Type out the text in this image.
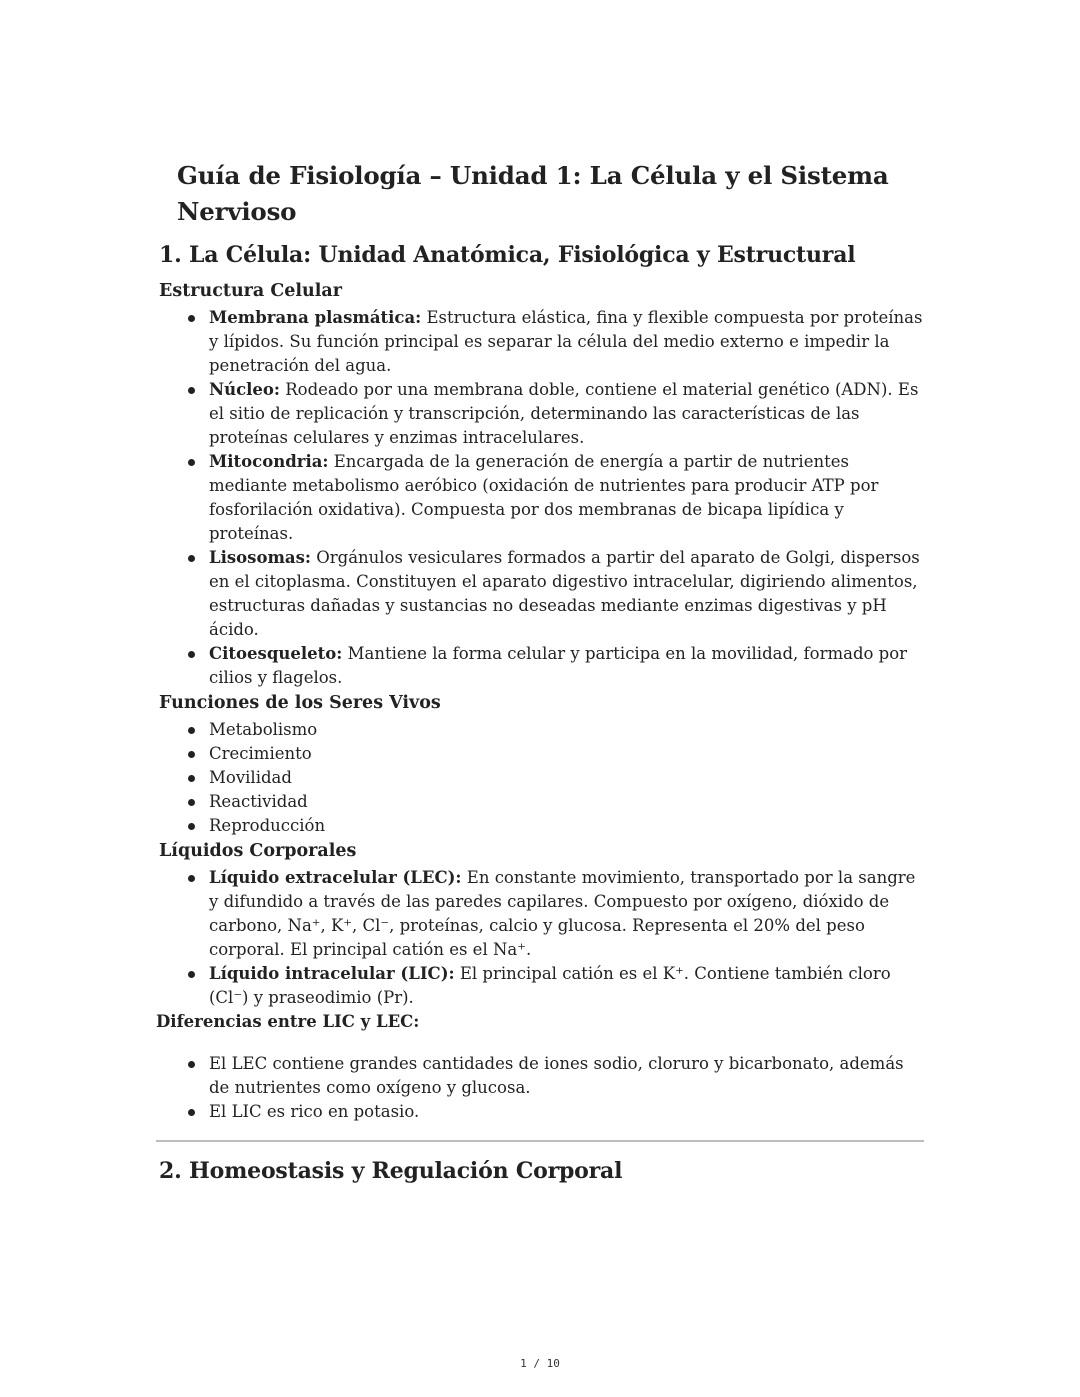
Guía de Fisiología – Unidad 1: La Célula y el Sistema Nervioso
1. La Célula: Unidad Anatómica, Fisiológica y Estructural
Estructura Celular
Membrana plasmática: Estructura elástica, fina y flexible compuesta por proteínas y lípidos. Su función principal es separar la célula del medio externo e impedir la penetración del agua.
Núcleo: Rodeado por una membrana doble, contiene el material genético (ADN). Es el sitio de replicación y transcripción, determinando las características de las proteínas celulares y enzimas intracelulares.
Mitocondria: Encargada de la generación de energía a partir de nutrientes mediante metabolismo aeróbico (oxidación de nutrientes para producir ATP por fosforilación oxidativa). Compuesta por dos membranas de bicapa lipídica y proteínas.
Lisosomas: Orgánulos vesiculares formados a partir del aparato de Golgi, dispersos en el citoplasma. Constituyen el aparato digestivo intracelular, digiriendo alimentos, estructuras dañadas y sustancias no deseadas mediante enzimas digestivas y pH ácido.
Citoesqueleto: Mantiene la forma celular y participa en la movilidad, formado por cilios y flagelos.
Funciones de los Seres Vivos
Metabolismo
Crecimiento
Movilidad
Reactividad
Reproducción
Líquidos Corporales
Líquido extracelular (LEC): En constante movimiento, transportado por la sangre y difundido a través de las paredes capilares. Compuesto por oxígeno, dióxido de carbono, Na⁺, K⁺, Cl⁻, proteínas, calcio y glucosa. Representa el 20% del peso corporal. El principal catión es el Na⁺.
Líquido intracelular (LIC): El principal catión es el K⁺. Contiene también cloro (Cl⁻) y praseodimio (Pr).
Diferencias entre LIC y LEC:
El LEC contiene grandes cantidades de iones sodio, cloruro y bicarbonato, además de nutrientes como oxígeno y glucosa.
El LIC es rico en potasio.
2. Homeostasis y Regulación Corporal
1 / 10
